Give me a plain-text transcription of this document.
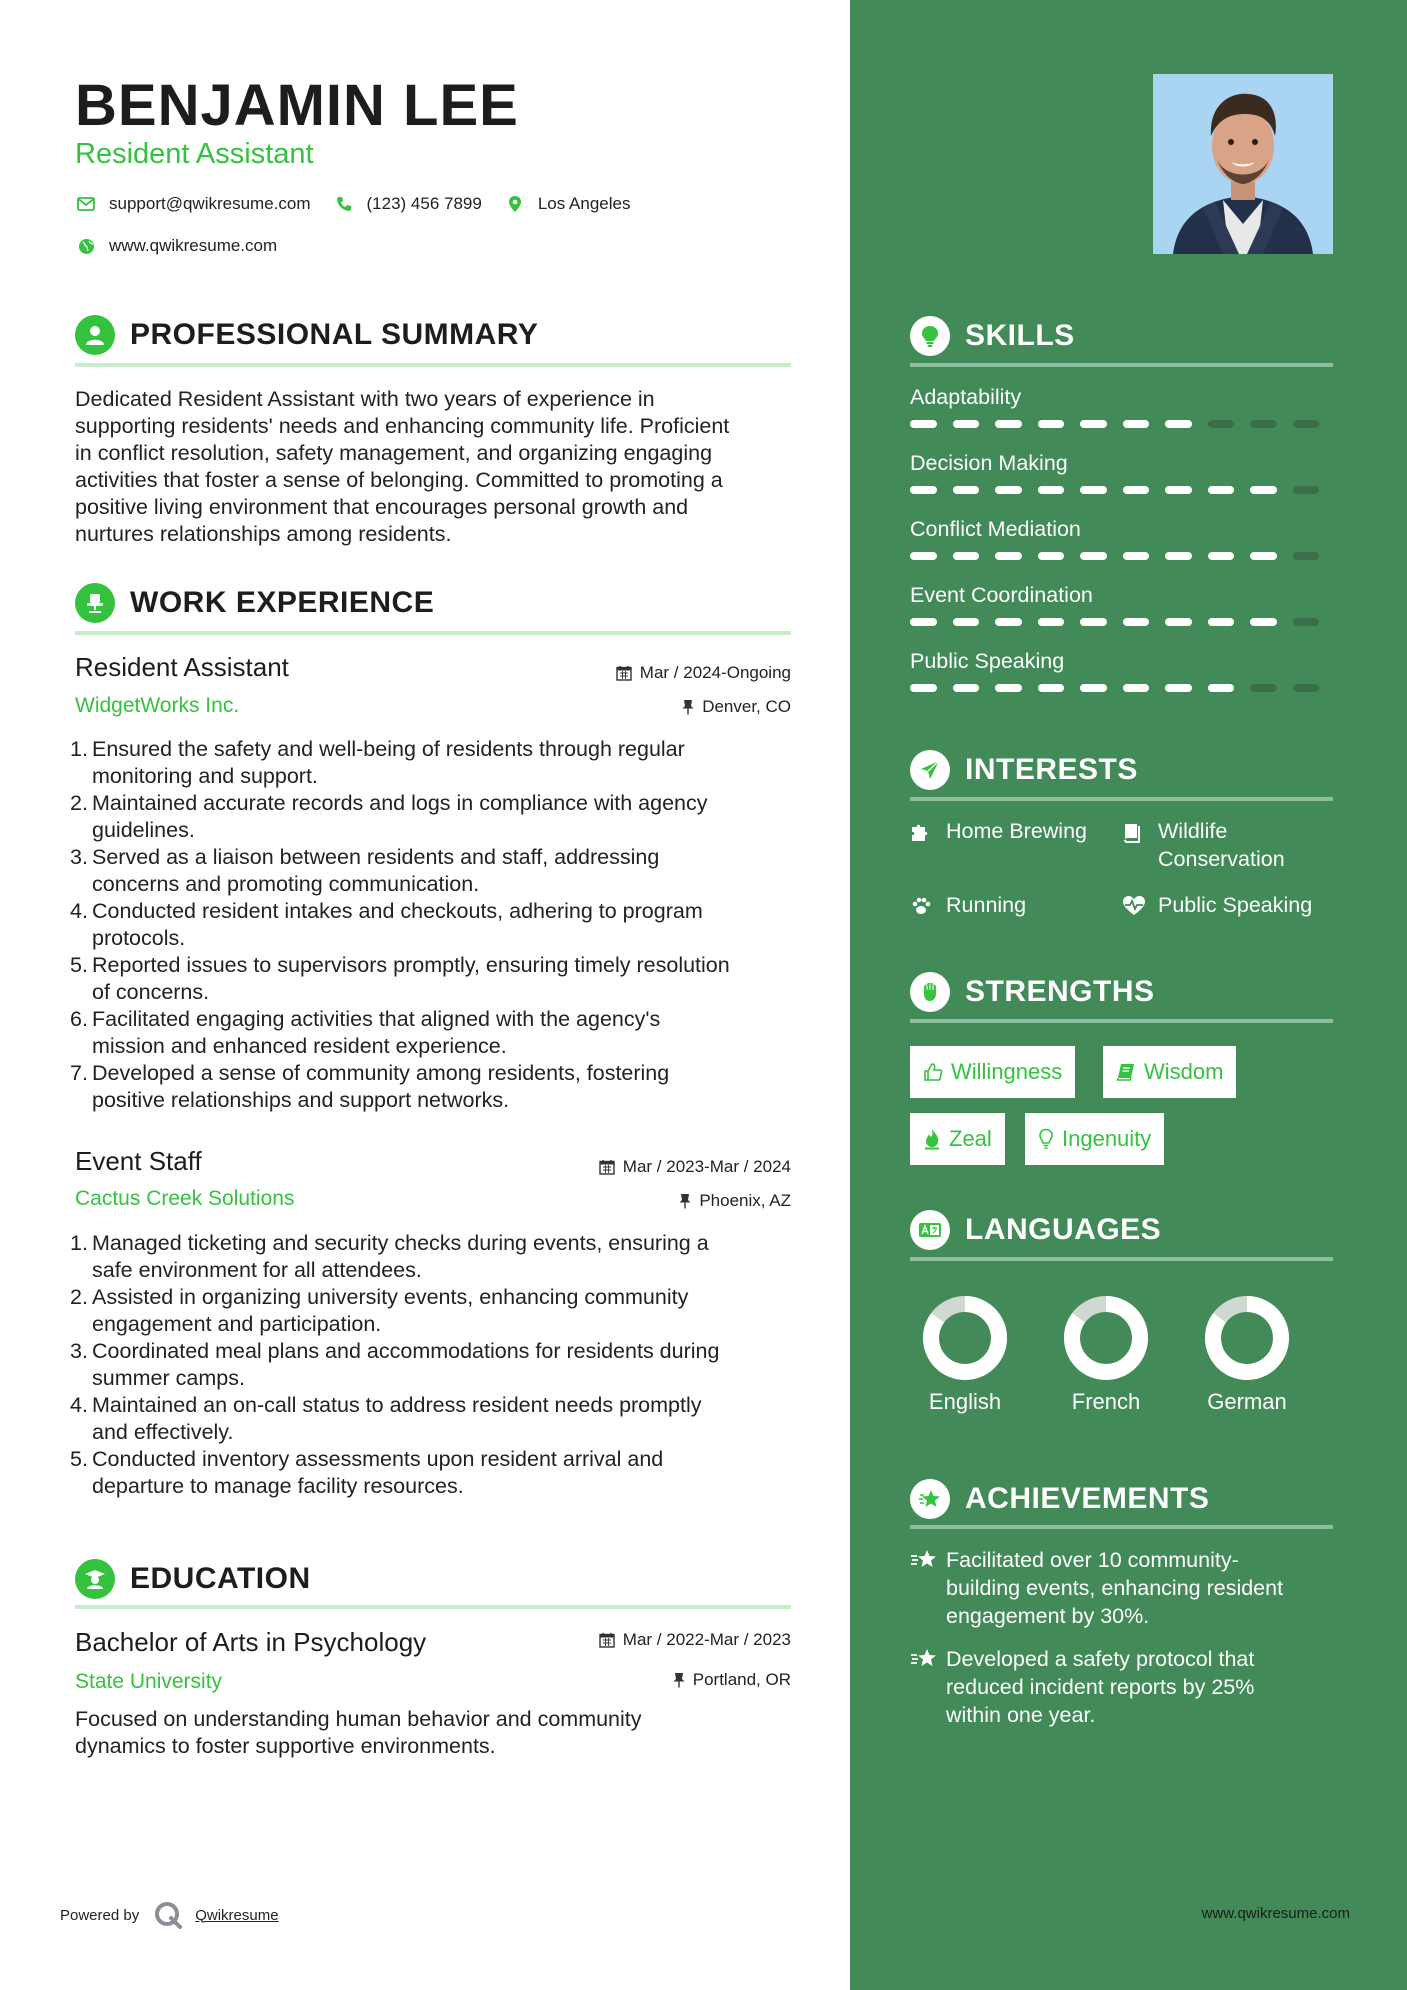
BENJAMIN LEE
Resident Assistant
support@qwikresume.com	(123) 456 7899	Los Angeles
www.qwikresume.com
PROFESSIONAL SUMMARY
Dedicated Resident Assistant with two years of experience in
supporting residents' needs and enhancing community life. Proficient
in conflict resolution, safety management, and organizing engaging
activities that foster a sense of belonging. Committed to promoting a
positive living environment that encourages personal growth and
nurtures relationships among residents.
WORK EXPERIENCE
Resident Assistant	Mar / 2024-Ongoing
WidgetWorks Inc.	Denver, CO
1. Ensured the safety and well-being of residents through regular
monitoring and support.
2. Maintained accurate records and logs in compliance with agency
guidelines.
3. Served as a liaison between residents and staff, addressing
concerns and promoting communication.
4. Conducted resident intakes and checkouts, adhering to program
protocols.
5. Reported issues to supervisors promptly, ensuring timely resolution
of concerns.
6. Facilitated engaging activities that aligned with the agency's
mission and enhanced resident experience.
7. Developed a sense of community among residents, fostering
positive relationships and support networks.
Event Staff	Mar / 2023-Mar / 2024
Cactus Creek Solutions	Phoenix, AZ
1. Managed ticketing and security checks during events, ensuring a
safe environment for all attendees.
2. Assisted in organizing university events, enhancing community
engagement and participation.
3. Coordinated meal plans and accommodations for residents during
summer camps.
4. Maintained an on-call status to address resident needs promptly
and effectively.
5. Conducted inventory assessments upon resident arrival and
departure to manage facility resources.
EDUCATION
Bachelor of Arts in Psychology	Mar / 2022-Mar / 2023
State University	Portland, OR
Focused on understanding human behavior and community
dynamics to foster supportive environments.
Powered by	Qwikresume
SKILLS
Adaptability
Decision Making
Conflict Mediation
Event Coordination
Public Speaking
INTERESTS
Home Brewing	Wildlife
Conservation
Running	Public Speaking
STRENGTHS
Willingness	Wisdom
Zeal	Ingenuity
LANGUAGES
English	French	German
ACHIEVEMENTS
Facilitated over 10 community-
building events, enhancing resident
engagement by 30%.
Developed a safety protocol that
reduced incident reports by 25%
within one year.
www.qwikresume.com
